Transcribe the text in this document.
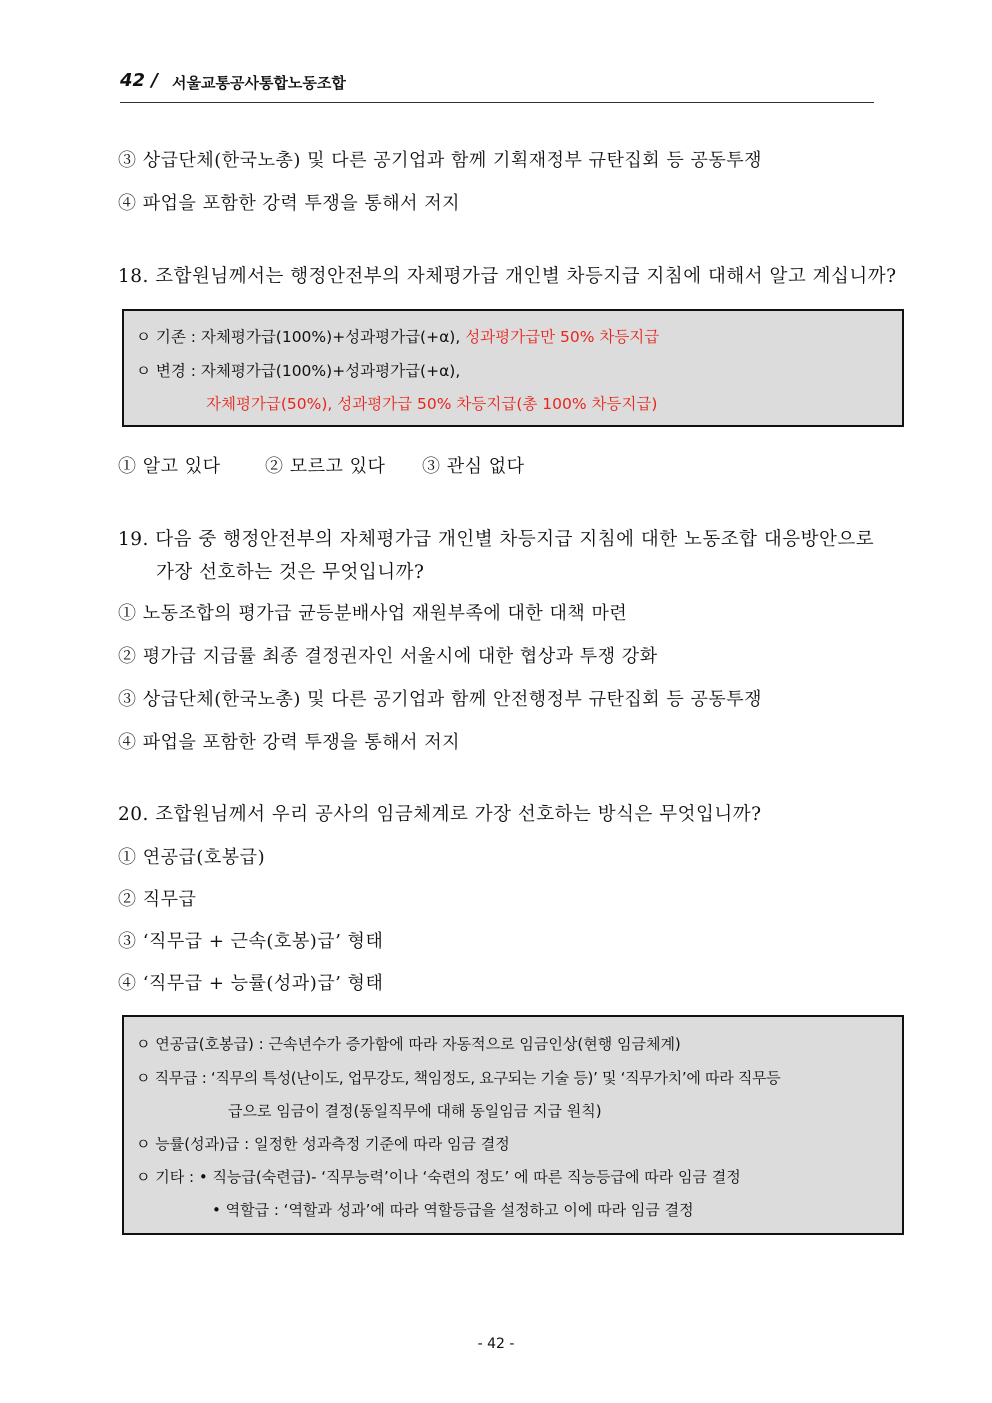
42 / 서울교통공사통합노동조합
③ 상급단체(한국노총) 및 다른 공기업과 함께 기획재정부 규탄집회 등 공동투쟁
④ 파업을 포함한 강력 투쟁을 통해서 저지
18. 조합원님께서는 행정안전부의 자체평가급 개인별 차등지급 지침에 대해서 알고 계십니까?
ㅇ 기존 : 자체평가급(100%)+성과평가급(+α), 성과평가급만 50% 차등지급
ㅇ 변경 : 자체평가급(100%)+성과평가급(+α),
자체평가급(50%), 성과평가급 50% 차등지급(총 100% 차등지급)
① 알고 있다 ② 모르고 있다 ③ 관심 없다
19. 다음 중 행정안전부의 자체평가급 개인별 차등지급 지침에 대한 노동조합 대응방안으로
가장 선호하는 것은 무엇입니까?
① 노동조합의 평가급 균등분배사업 재원부족에 대한 대책 마련
② 평가급 지급률 최종 결정권자인 서울시에 대한 협상과 투쟁 강화
③ 상급단체(한국노총) 및 다른 공기업과 함께 안전행정부 규탄집회 등 공동투쟁
④ 파업을 포함한 강력 투쟁을 통해서 저지
20. 조합원님께서 우리 공사의 임금체계로 가장 선호하는 방식은 무엇입니까?
① 연공급(호봉급)
② 직무급
③ ‘직무급 + 근속(호봉)급’ 형태
④ ‘직무급 + 능률(성과)급’ 형태
ㅇ 연공급(호봉급) : 근속년수가 증가함에 따라 자동적으로 임금인상(현행 임금체계)
ㅇ 직무급 : ‘직무의 특성(난이도, 업무강도, 책임정도, 요구되는 기술 등)’ 및 ‘직무가치’에 따라 직무등
급으로 임금이 결정(동일직무에 대해 동일임금 지급 원칙)
ㅇ 능률(성과)급 : 일정한 성과측정 기준에 따라 임금 결정
ㅇ 기타 : • 직능급(숙련급)- ‘직무능력’이나 ‘숙련의 정도’ 에 따른 직능등급에 따라 임금 결정
• 역할급 : ‘역할과 성과’에 따라 역할등급을 설정하고 이에 따라 임금 결정
- 42 -
